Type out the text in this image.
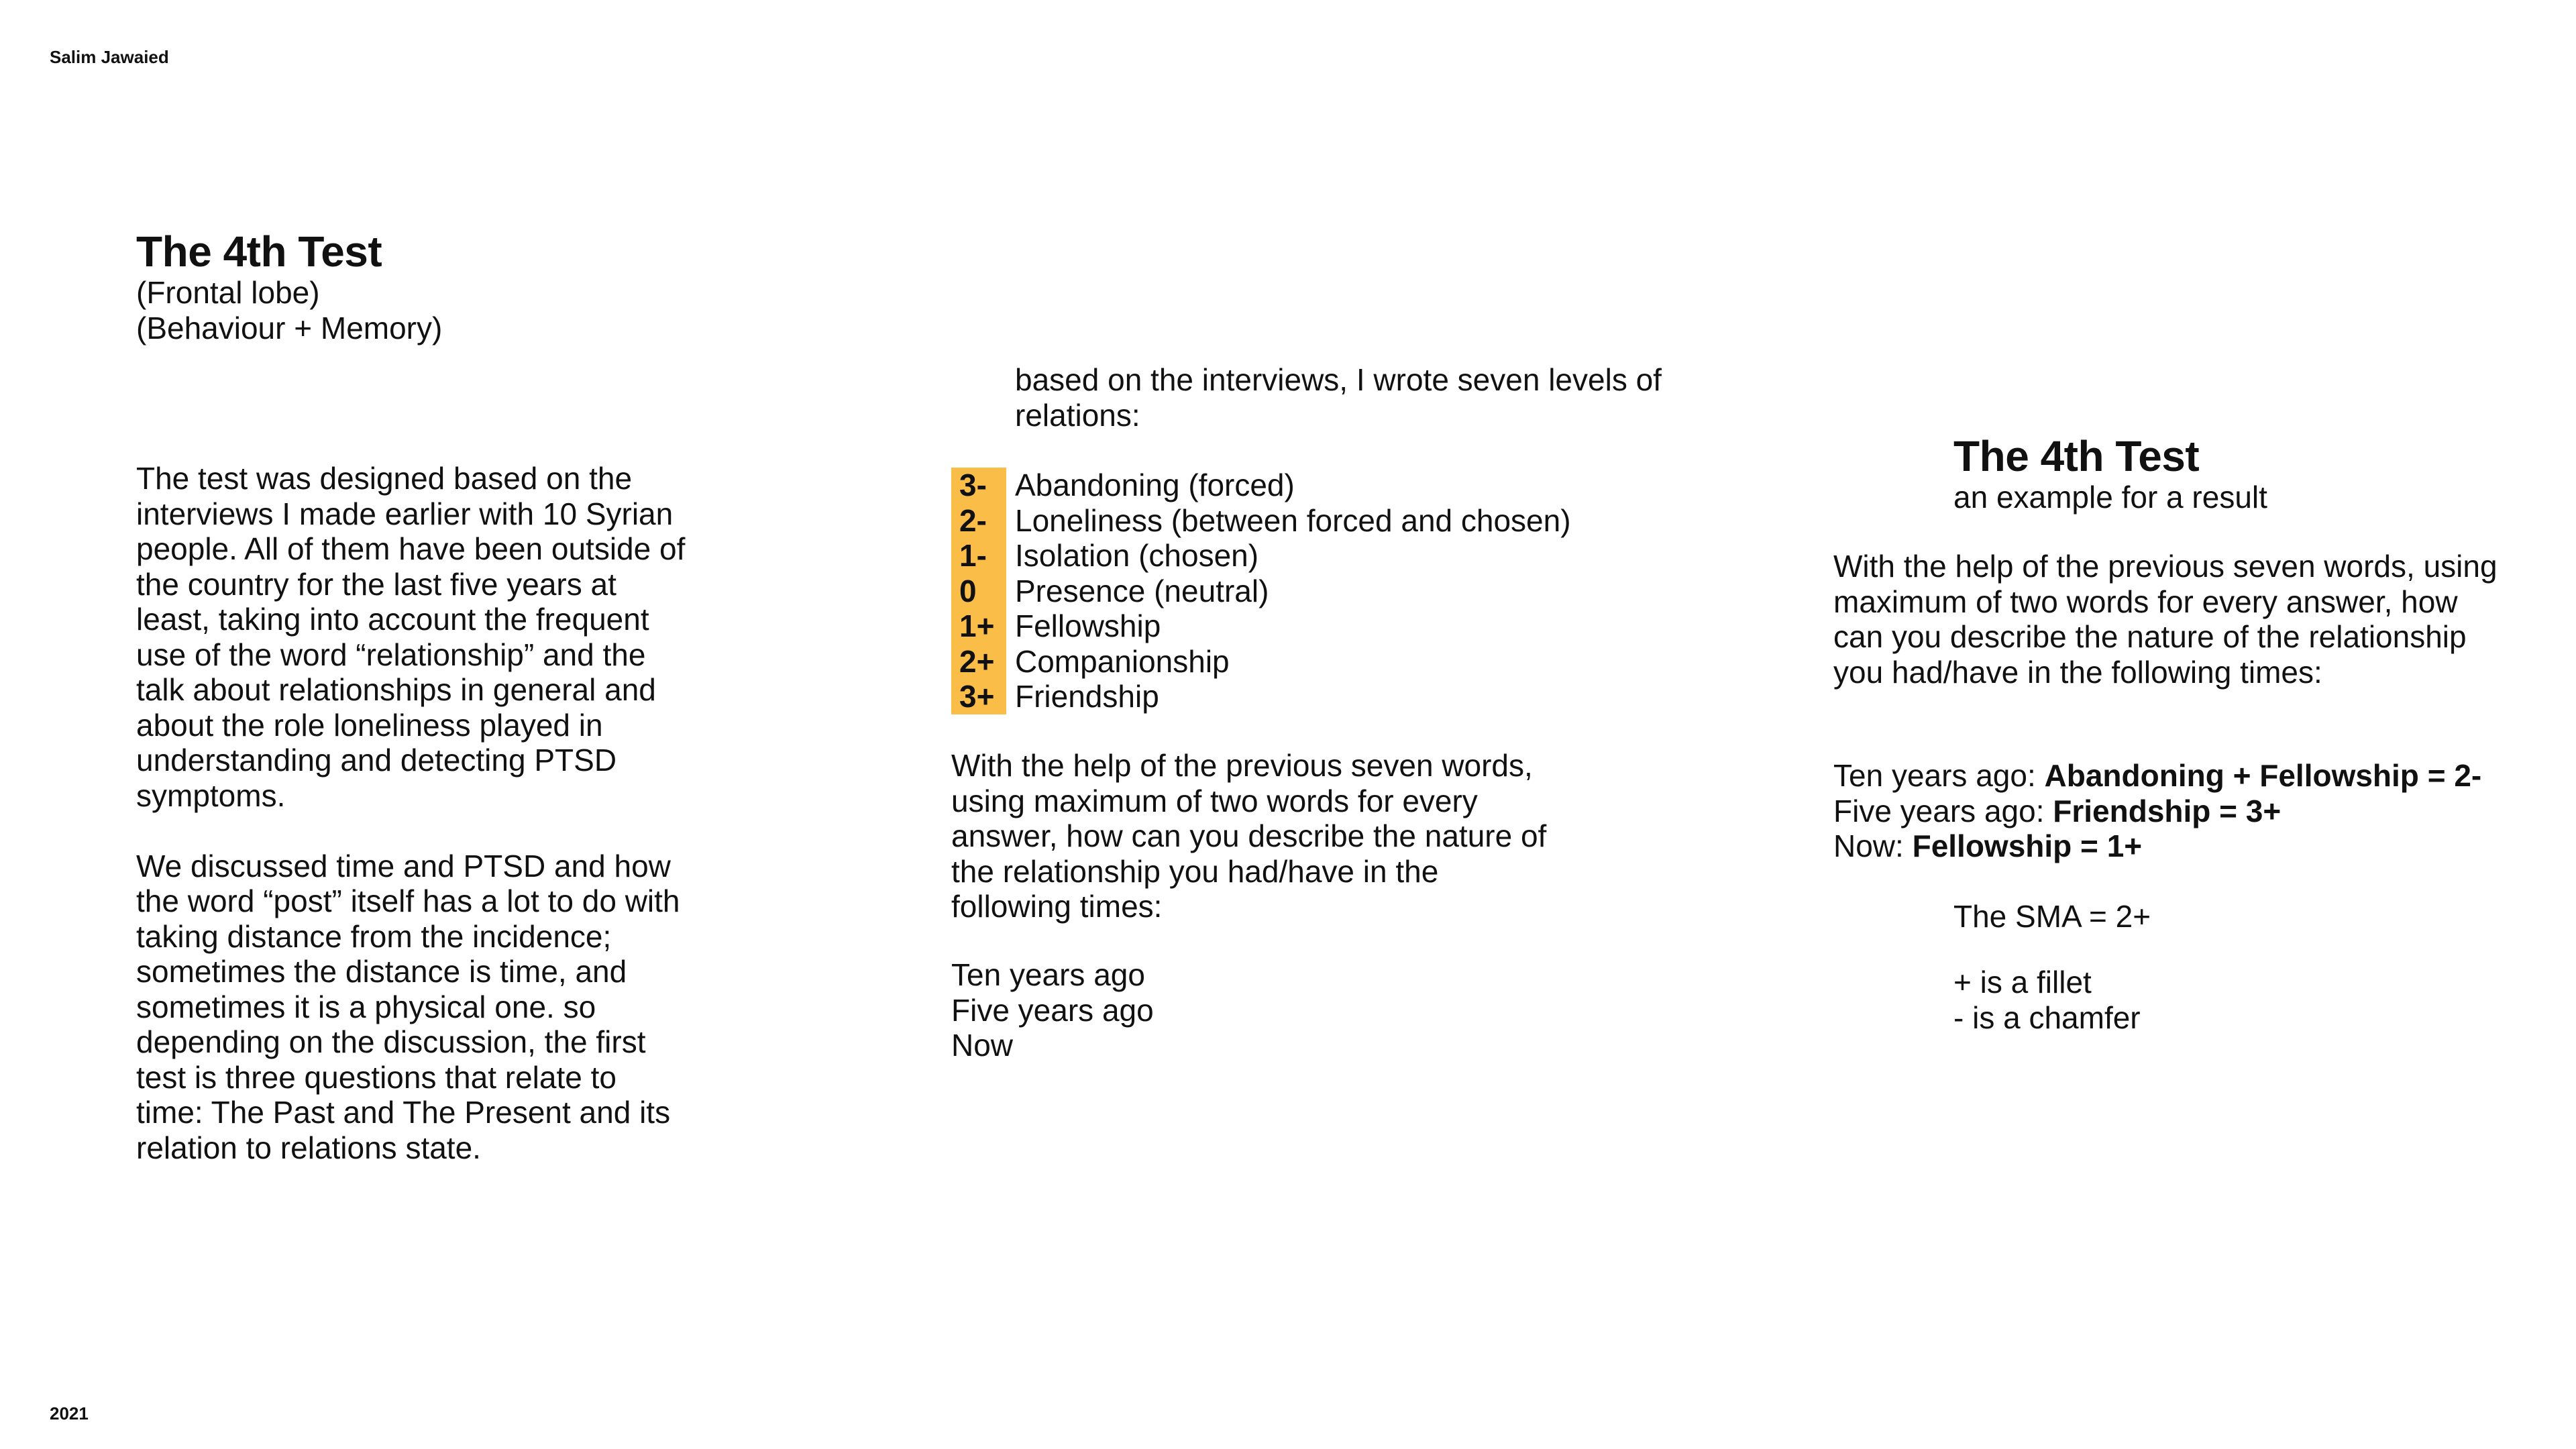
Salim Jawaied
The 4th Test
(Frontal lobe)
(Behaviour + Memory)

The test was designed based on the interviews I made earlier with 10 Syrian people. All of them have been outside of the country for the last five years at least, taking into account the frequent use of the word “relationship” and the talk about relationships in general and about the role loneliness played in understanding and detecting PTSD symptoms.

We discussed time and PTSD and how the word “post” itself has a lot to do with taking distance from the incidence; sometimes the distance is time, and sometimes it is a physical one. so depending on the discussion, the first test is three questions that relate to time: The Past and The Present and its relation to relations state.

based on the interviews, I wrote seven levels of relations:
3- Abandoning (forced)
2- Loneliness (between forced and chosen)
1- Isolation (chosen)
0	Presence (neutral)
1+ Fellowship
2+ Companionship
3+ Friendship
With the help of the previous seven words, using maximum of two words for every answer, how can you describe the nature of the relationship you had/have in the following times:
Ten years ago
Five years ago
Now
The 4th Test
an example for a result
With the help of the previous seven words, using maximum of two words for every answer, how can you describe the nature of the relationship you had/have in the following times:
Ten years ago: Abandoning + Fellowship = 2-
Five years ago: Friendship = 3+
Now: Fellowship = 1+
The SMA = 2+
+ is a fillet
- is a chamfer
2021
